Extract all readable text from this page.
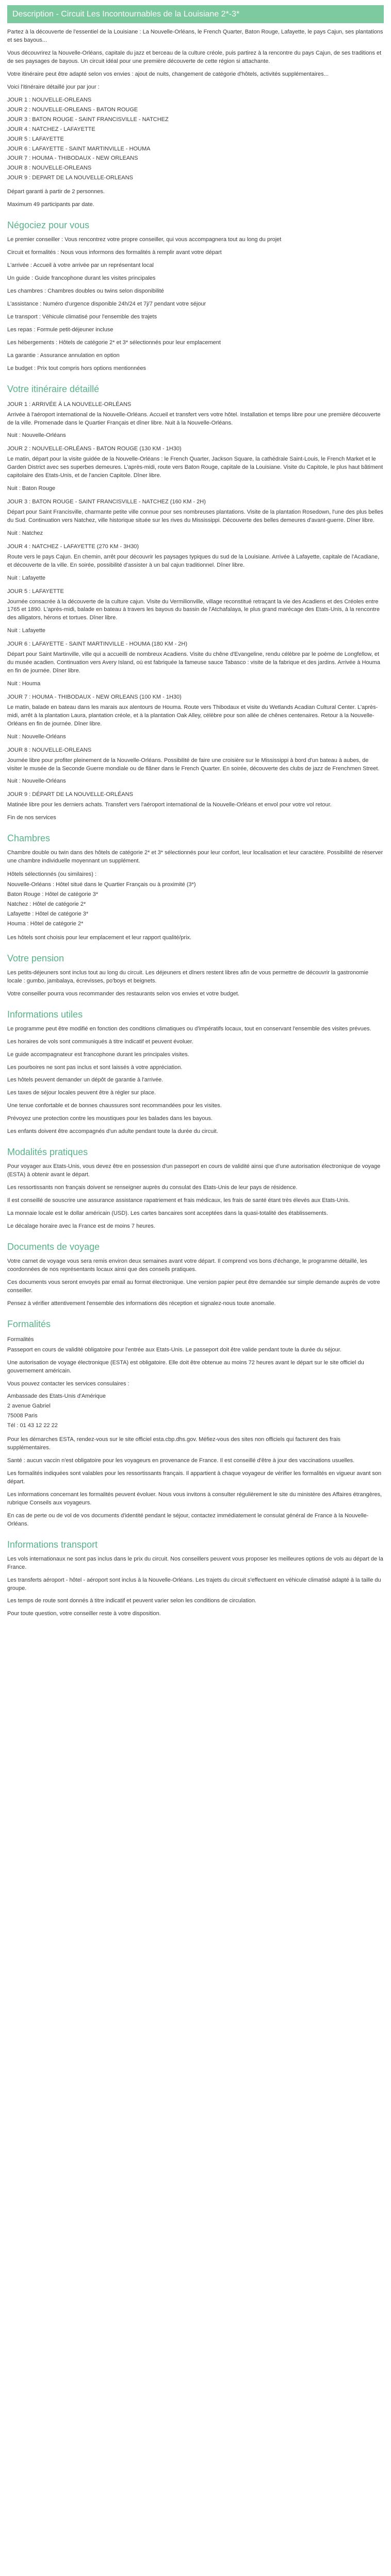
Description - Circuit Les Incontournables de la Louisiane 2*-3*

Partez à la découverte de l'essentiel de la Louisiane : La Nouvelle-Orléans, le French Quarter, Baton Rouge, Lafayette, le pays Cajun, ses plantations et ses bayous...

Vous découvrirez la Nouvelle-Orléans, capitale du jazz et berceau de la culture créole, puis partirez à la rencontre du pays Cajun, de ses traditions et de ses paysages de bayous. Un circuit idéal pour une première découverte de cette région si attachante.

Votre itinéraire peut être adapté selon vos envies : ajout de nuits, changement de catégorie d'hôtels, activités supplémentaires...

Voici l'itinéraire détaillé jour par jour :

JOUR 1 : NOUVELLE-ORLEANS
JOUR 2 : NOUVELLE-ORLEANS - BATON ROUGE
JOUR 3 : BATON ROUGE - SAINT FRANCISVILLE - NATCHEZ
JOUR 4 : NATCHEZ - LAFAYETTE
JOUR 5 : LAFAYETTE
JOUR 6 : LAFAYETTE - SAINT MARTINVILLE - HOUMA
JOUR 7 : HOUMA - THIBODAUX - NEW ORLEANS
JOUR 8 : NOUVELLE-ORLEANS
JOUR 9 : DEPART DE LA NOUVELLE-ORLEANS

Départ garanti à partir de 2 personnes.

Maximum 49 participants par date.

Négociez pour vous

Le premier conseiller : Vous rencontrez votre propre conseiller, qui vous accompagnera tout au long du projet

Circuit et formalités : Nous vous informons des formalités à remplir avant votre départ

L'arrivée : Accueil à votre arrivée par un représentant local

Un guide : Guide francophone durant les visites principales

Les chambres : Chambres doubles ou twins selon disponibilité

L'assistance : Numéro d'urgence disponible 24h/24 et 7j/7 pendant votre séjour

Le transport : Véhicule climatisé pour l'ensemble des trajets

Les repas : Formule petit-déjeuner incluse

Les hébergements : Hôtels de catégorie 2* et 3* sélectionnés pour leur emplacement

La garantie : Assurance annulation en option

Le budget : Prix tout compris hors options mentionnées

Votre itinéraire détaillé

JOUR 1 : ARRIVÉE À LA NOUVELLE-ORLÉANS

Arrivée à l'aéroport international de la Nouvelle-Orléans. Accueil et transfert vers votre hôtel. Installation et temps libre pour une première découverte de la ville. Promenade dans le Quartier Français et dîner libre. Nuit à la Nouvelle-Orléans.

Nuit : Nouvelle-Orléans

JOUR 2 : NOUVELLE-ORLÉANS - BATON ROUGE (130 KM - 1H30)

Le matin, départ pour la visite guidée de la Nouvelle-Orléans : le French Quarter, Jackson Square, la cathédrale Saint-Louis, le French Market et le Garden District avec ses superbes demeures. L'après-midi, route vers Baton Rouge, capitale de la Louisiane. Visite du Capitole, le plus haut bâtiment capitolaire des Etats-Unis, et de l'ancien Capitole. Dîner libre.

Nuit : Baton Rouge

JOUR 3 : BATON ROUGE - SAINT FRANCISVILLE - NATCHEZ (160 KM - 2H)

Départ pour Saint Francisville, charmante petite ville connue pour ses nombreuses plantations. Visite de la plantation Rosedown, l'une des plus belles du Sud. Continuation vers Natchez, ville historique située sur les rives du Mississippi. Découverte des belles demeures d'avant-guerre. Dîner libre.

Nuit : Natchez

JOUR 4 : NATCHEZ - LAFAYETTE (270 KM - 3H30)

Route vers le pays Cajun. En chemin, arrêt pour découvrir les paysages typiques du sud de la Louisiane. Arrivée à Lafayette, capitale de l'Acadiane, et découverte de la ville. En soirée, possibilité d'assister à un bal cajun traditionnel. Dîner libre.

Nuit : Lafayette

JOUR 5 : LAFAYETTE

Journée consacrée à la découverte de la culture cajun. Visite du Vermilionville, village reconstitué retraçant la vie des Acadiens et des Créoles entre 1765 et 1890. L'après-midi, balade en bateau à travers les bayous du bassin de l'Atchafalaya, le plus grand marécage des Etats-Unis, à la rencontre des alligators, hérons et tortues. Dîner libre.

Nuit : Lafayette

JOUR 6 : LAFAYETTE - SAINT MARTINVILLE - HOUMA (180 KM - 2H)

Départ pour Saint Martinville, ville qui a accueilli de nombreux Acadiens. Visite du chêne d'Evangeline, rendu célèbre par le poème de Longfellow, et du musée acadien. Continuation vers Avery Island, où est fabriquée la fameuse sauce Tabasco : visite de la fabrique et des jardins. Arrivée à Houma en fin de journée. Dîner libre.

Nuit : Houma

JOUR 7 : HOUMA - THIBODAUX - NEW ORLEANS (100 KM - 1H30)

Le matin, balade en bateau dans les marais aux alentours de Houma. Route vers Thibodaux et visite du Wetlands Acadian Cultural Center. L'après-midi, arrêt à la plantation Laura, plantation créole, et à la plantation Oak Alley, célèbre pour son allée de chênes centenaires. Retour à la Nouvelle-Orléans en fin de journée. Dîner libre.

Nuit : Nouvelle-Orléans

JOUR 8 : NOUVELLE-ORLEANS

Journée libre pour profiter pleinement de la Nouvelle-Orléans. Possibilité de faire une croisière sur le Mississippi à bord d'un bateau à aubes, de visiter le musée de la Seconde Guerre mondiale ou de flâner dans le French Quarter. En soirée, découverte des clubs de jazz de Frenchmen Street.

Nuit : Nouvelle-Orléans

JOUR 9 : DÉPART DE LA NOUVELLE-ORLÉANS

Matinée libre pour les derniers achats. Transfert vers l'aéroport international de la Nouvelle-Orléans et envol pour votre vol retour.

Fin de nos services

Chambres

Chambre double ou twin dans des hôtels de catégorie 2* et 3* sélectionnés pour leur confort, leur localisation et leur caractère. Possibilité de réserver une chambre individuelle moyennant un supplément.

Hôtels sélectionnés (ou similaires) :

Nouvelle-Orléans : Hôtel situé dans le Quartier Français ou à proximité (3*)
Baton Rouge : Hôtel de catégorie 3*
Natchez : Hôtel de catégorie 2*
Lafayette : Hôtel de catégorie 3*
Houma : Hôtel de catégorie 2*

Les hôtels sont choisis pour leur emplacement et leur rapport qualité/prix.

Votre pension

Les petits-déjeuners sont inclus tout au long du circuit. Les déjeuners et dîners restent libres afin de vous permettre de découvrir la gastronomie locale : gumbo, jambalaya, écrevisses, po'boys et beignets.

Votre conseiller pourra vous recommander des restaurants selon vos envies et votre budget.

Informations utiles

Le programme peut être modifié en fonction des conditions climatiques ou d'impératifs locaux, tout en conservant l'ensemble des visites prévues.

Les horaires de vols sont communiqués à titre indicatif et peuvent évoluer.

Le guide accompagnateur est francophone durant les principales visites.

Les pourboires ne sont pas inclus et sont laissés à votre appréciation.

Les hôtels peuvent demander un dépôt de garantie à l'arrivée.

Les taxes de séjour locales peuvent être à régler sur place.

Une tenue confortable et de bonnes chaussures sont recommandées pour les visites.

Prévoyez une protection contre les moustiques pour les balades dans les bayous.

Les enfants doivent être accompagnés d'un adulte pendant toute la durée du circuit.

Modalités pratiques

Pour voyager aux Etats-Unis, vous devez être en possession d'un passeport en cours de validité ainsi que d'une autorisation électronique de voyage (ESTA) à obtenir avant le départ.

Les ressortissants non français doivent se renseigner auprès du consulat des Etats-Unis de leur pays de résidence.

Il est conseillé de souscrire une assurance assistance rapatriement et frais médicaux, les frais de santé étant très élevés aux Etats-Unis.

La monnaie locale est le dollar américain (USD). Les cartes bancaires sont acceptées dans la quasi-totalité des établissements.

Le décalage horaire avec la France est de moins 7 heures.

Documents de voyage

Votre carnet de voyage vous sera remis environ deux semaines avant votre départ. Il comprend vos bons d'échange, le programme détaillé, les coordonnées de nos représentants locaux ainsi que des conseils pratiques.

Ces documents vous seront envoyés par email au format électronique. Une version papier peut être demandée sur simple demande auprès de votre conseiller.

Pensez à vérifier attentivement l'ensemble des informations dès réception et signalez-nous toute anomalie.

Formalités

Formalités

Passeport en cours de validité obligatoire pour l'entrée aux Etats-Unis. Le passeport doit être valide pendant toute la durée du séjour.

Une autorisation de voyage électronique (ESTA) est obligatoire. Elle doit être obtenue au moins 72 heures avant le départ sur le site officiel du gouvernement américain.

Vous pouvez contacter les services consulaires :

Ambassade des Etats-Unis d'Amérique
2 avenue Gabriel
75008 Paris
Tél : 01 43 12 22 22

Pour les démarches ESTA, rendez-vous sur le site officiel esta.cbp.dhs.gov. Méfiez-vous des sites non officiels qui facturent des frais supplémentaires.

Santé : aucun vaccin n'est obligatoire pour les voyageurs en provenance de France. Il est conseillé d'être à jour des vaccinations usuelles.

Les formalités indiquées sont valables pour les ressortissants français. Il appartient à chaque voyageur de vérifier les formalités en vigueur avant son départ.

Les informations concernant les formalités peuvent évoluer. Nous vous invitons à consulter régulièrement le site du ministère des Affaires étrangères, rubrique Conseils aux voyageurs.

En cas de perte ou de vol de vos documents d'identité pendant le séjour, contactez immédiatement le consulat général de France à la Nouvelle-Orléans.

Informations transport

Les vols internationaux ne sont pas inclus dans le prix du circuit. Nos conseillers peuvent vous proposer les meilleures options de vols au départ de la France.

Les transferts aéroport - hôtel - aéroport sont inclus à la Nouvelle-Orléans. Les trajets du circuit s'effectuent en véhicule climatisé adapté à la taille du groupe.

Les temps de route sont donnés à titre indicatif et peuvent varier selon les conditions de circulation.

Pour toute question, votre conseiller reste à votre disposition.
